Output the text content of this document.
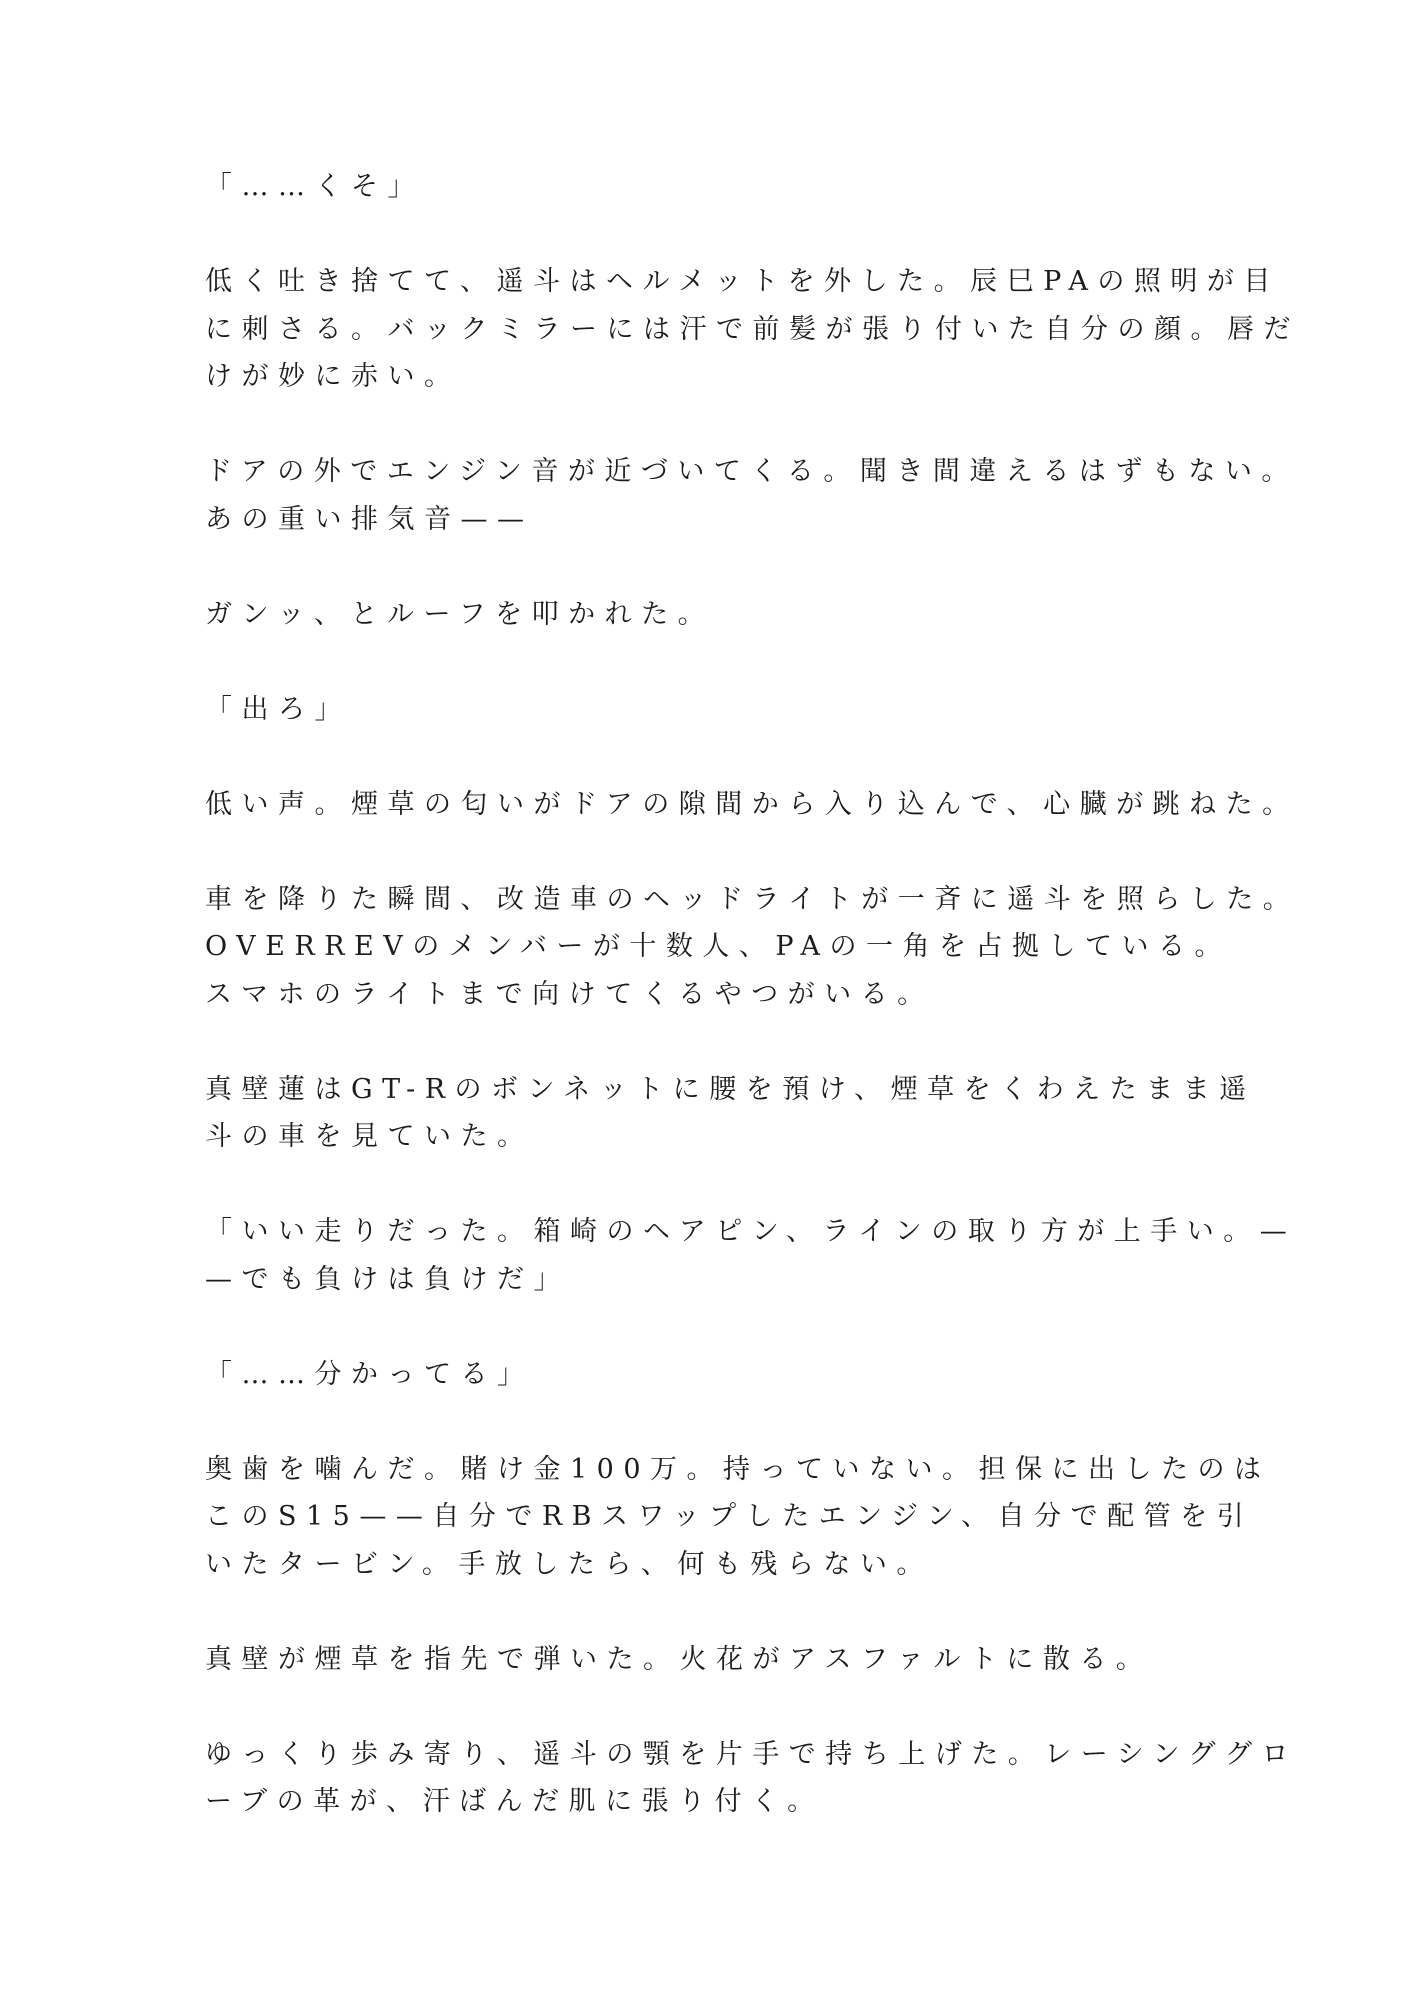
「……くそ」

低く吐き捨てて、遥斗はヘルメットを外した。辰巳PAの照明が目
に刺さる。バックミラーには汗で前髪が張り付いた自分の顔。唇だ
けが妙に赤い。

ドアの外でエンジン音が近づいてくる。聞き間違えるはずもない。
あの重い排気音——

ガンッ、とルーフを叩かれた。

「出ろ」

低い声。煙草の匂いがドアの隙間から入り込んで、心臓が跳ねた。

車を降りた瞬間、改造車のヘッドライトが一斉に遥斗を照らした。
OVERREVのメンバーが十数人、PAの一角を占拠している。
スマホのライトまで向けてくるやつがいる。

真壁蓮はGT-Rのボンネットに腰を預け、煙草をくわえたまま遥
斗の車を見ていた。

「いい走りだった。箱崎のヘアピン、ラインの取り方が上手い。—
—でも負けは負けだ」

「……分かってる」

奥歯を噛んだ。賭け金100万。持っていない。担保に出したのは
このS15——自分でRBスワップしたエンジン、自分で配管を引
いたタービン。手放したら、何も残らない。

真壁が煙草を指先で弾いた。火花がアスファルトに散る。

ゆっくり歩み寄り、遥斗の顎を片手で持ち上げた。レーシンググロ
ーブの革が、汗ばんだ肌に張り付く。
